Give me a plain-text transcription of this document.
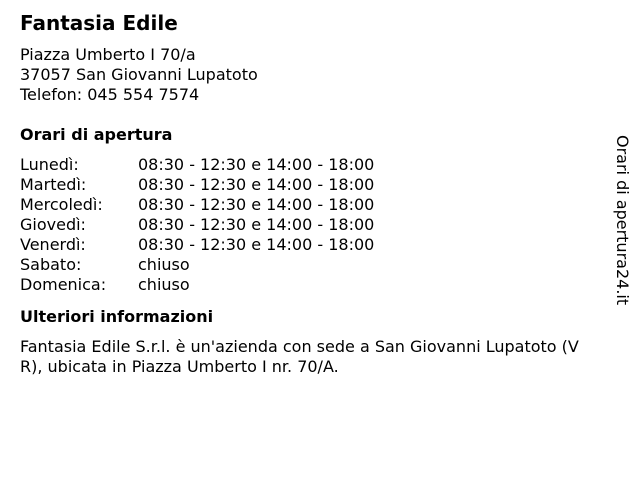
Fantasia Edile
Piazza Umberto I 70/a
37057 San Giovanni Lupatoto
Telefon: 045 554 7574
Orari di apertura
Lunedì:	08:30 - 12:30 e 14:00 - 18:00
Martedì:	08:30 - 12:30 e 14:00 - 18:00
Mercoledì:	08:30 - 12:30 e 14:00 - 18:00
Giovedì:	08:30 - 12:30 e 14:00 - 18:00
Venerdì:	08:30 - 12:30 e 14:00 - 18:00
Sabato:	chiuso
Domenica:	chiuso
Ulteriori informazioni
Fantasia Edile S.r.l. è un'azienda con sede a San Giovanni Lupatoto (VR), ubicata in Piazza Umberto I nr. 70/A.
Orari di apertura24.it
